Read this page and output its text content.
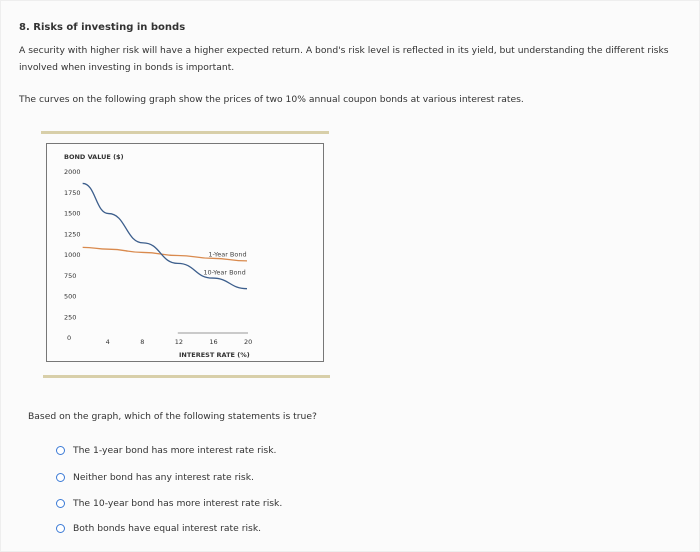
8. Risks of investing in bonds
A security with higher risk will have a higher expected return. A bond's risk level is reflected in its yield, but understanding the different risks involved when investing in bonds is important.
The curves on the following graph show the prices of two 10% annual coupon bonds at various interest rates.
BOND VALUE ($)
INTEREST RATE (%)
2000
1750
1500
1250
1000
750
500
250
0	4	8	12	16	20
1-Year Bond
10-Year Bond
Based on the graph, which of the following statements is true?
The 1-year bond has more interest rate risk.
Neither bond has any interest rate risk.
The 10-year bond has more interest rate risk.
Both bonds have equal interest rate risk.
